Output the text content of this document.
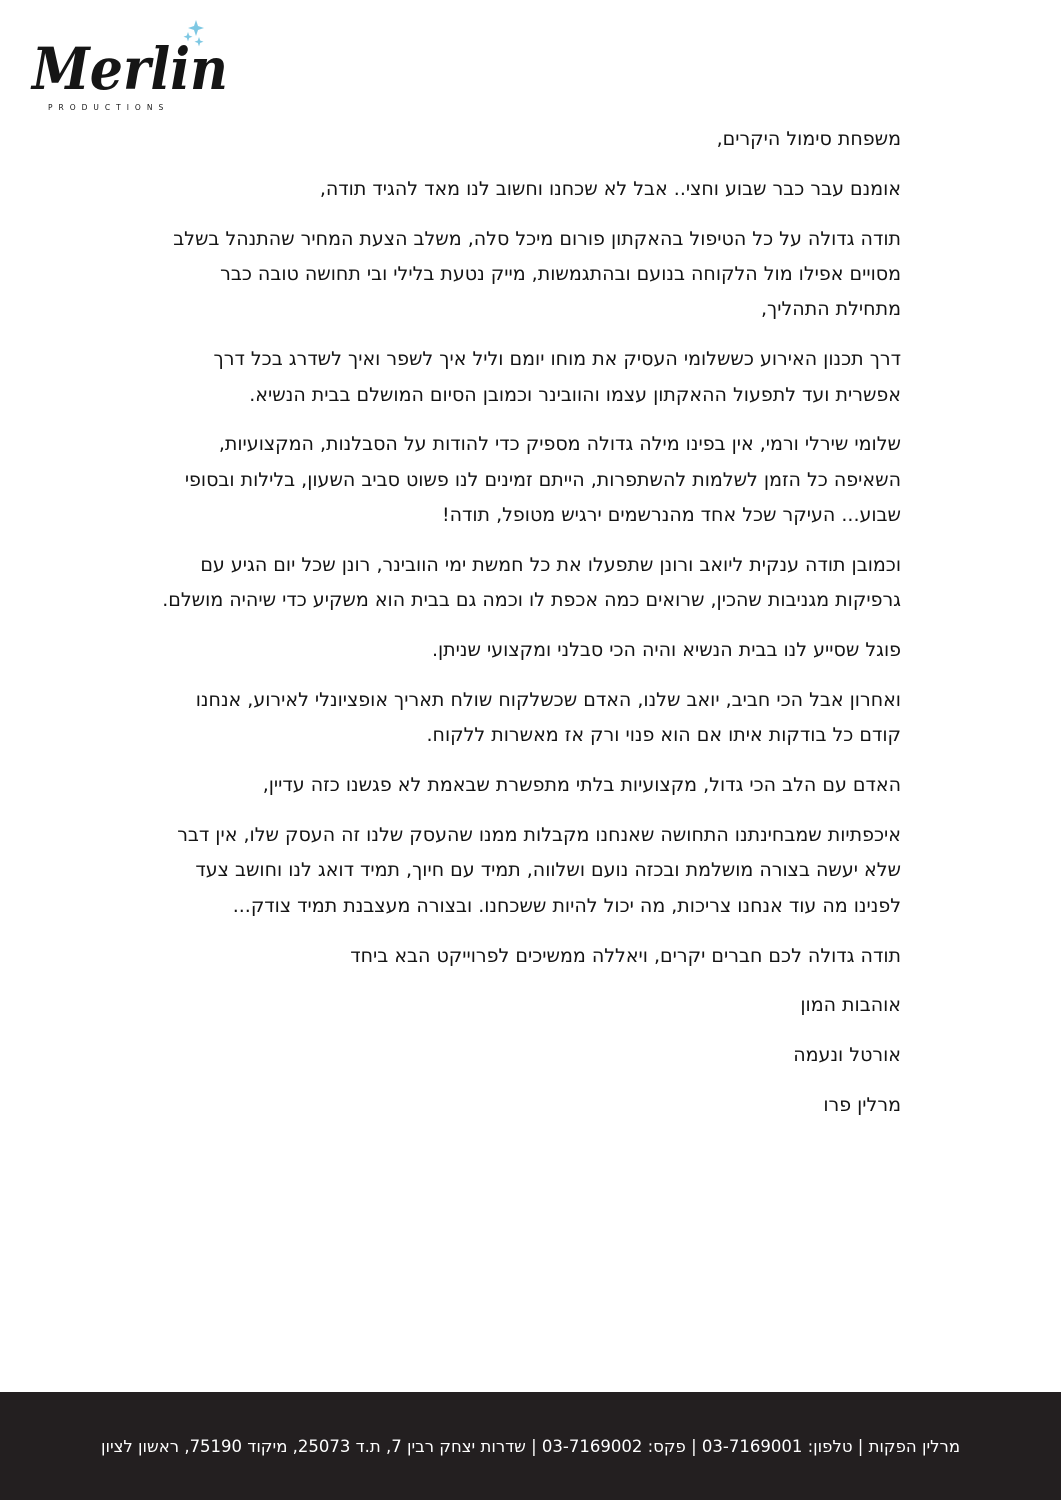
Merlin
PRODUCTIONS

משפחת סימול היקרים,

אומנם עבר כבר שבוע וחצי.. אבל לא שכחנו וחשוב לנו מאד להגיד תודה,

תודה גדולה על כל הטיפול בהאקתון פורום מיכל סלה, משלב הצעת המחיר שהתנהל בשלב מסויים אפילו מול הלקוחה בנועם ובהתגמשות, מייק נטעת בלילי ובי תחושה טובה כבר מתחילת התהליך,

דרך תכנון האירוע כששלומי העסיק את מוחו יומם וליל איך לשפר ואיך לשדרג בכל דרך אפשרית ועד לתפעול ההאקתון עצמו והוובינר וכמובן הסיום המושלם בבית הנשיא.

שלומי שירלי ורמי, אין בפינו מילה גדולה מספיק כדי להודות על הסבלנות, המקצועיות, השאיפה כל הזמן לשלמות להשתפרות, הייתם זמינים לנו פשוט סביב השעון, בלילות ובסופי שבוע... העיקר שכל אחד מהנרשמים ירגיש מטופל, תודה!

וכמובן תודה ענקית ליואב ורונן שתפעלו את כל חמשת ימי הוובינר, רונן שכל יום הגיע עם גרפיקות מגניבות שהכין, שרואים כמה אכפת לו וכמה גם בבית הוא משקיע כדי שיהיה מושלם.

פוגל שסייע לנו בבית הנשיא והיה הכי סבלני ומקצועי שניתן.

ואחרון אבל הכי חביב, יואב שלנו, האדם שכשלקוח שולח תאריך אופציונלי לאירוע, אנחנו קודם כל בודקות איתו אם הוא פנוי ורק אז מאשרות ללקוח.

האדם עם הלב הכי גדול, מקצועיות בלתי מתפשרת שבאמת לא פגשנו כזה עדיין,

איכפתיות שמבחינתנו התחושה שאנחנו מקבלות ממנו שהעסק שלנו זה העסק שלו, אין דבר שלא יעשה בצורה מושלמת ובכזה נועם ושלווה, תמיד עם חיוך, תמיד דואג לנו וחושב צעד לפנינו מה עוד אנחנו צריכות, מה יכול להיות ששכחנו. ובצורה מעצבנת תמיד צודק...

תודה גדולה לכם חברים יקרים, ויאללה ממשיכים לפרוייקט הבא ביחד

אוהבות המון

אורטל ונעמה

מרלין פרו

מרלין הפקות | טלפון: 03-7169001 | פקס: 03-7169002 | שדרות יצחק רבין 7, ת.ד 25073, מיקוד 75190, ראשון לציון
